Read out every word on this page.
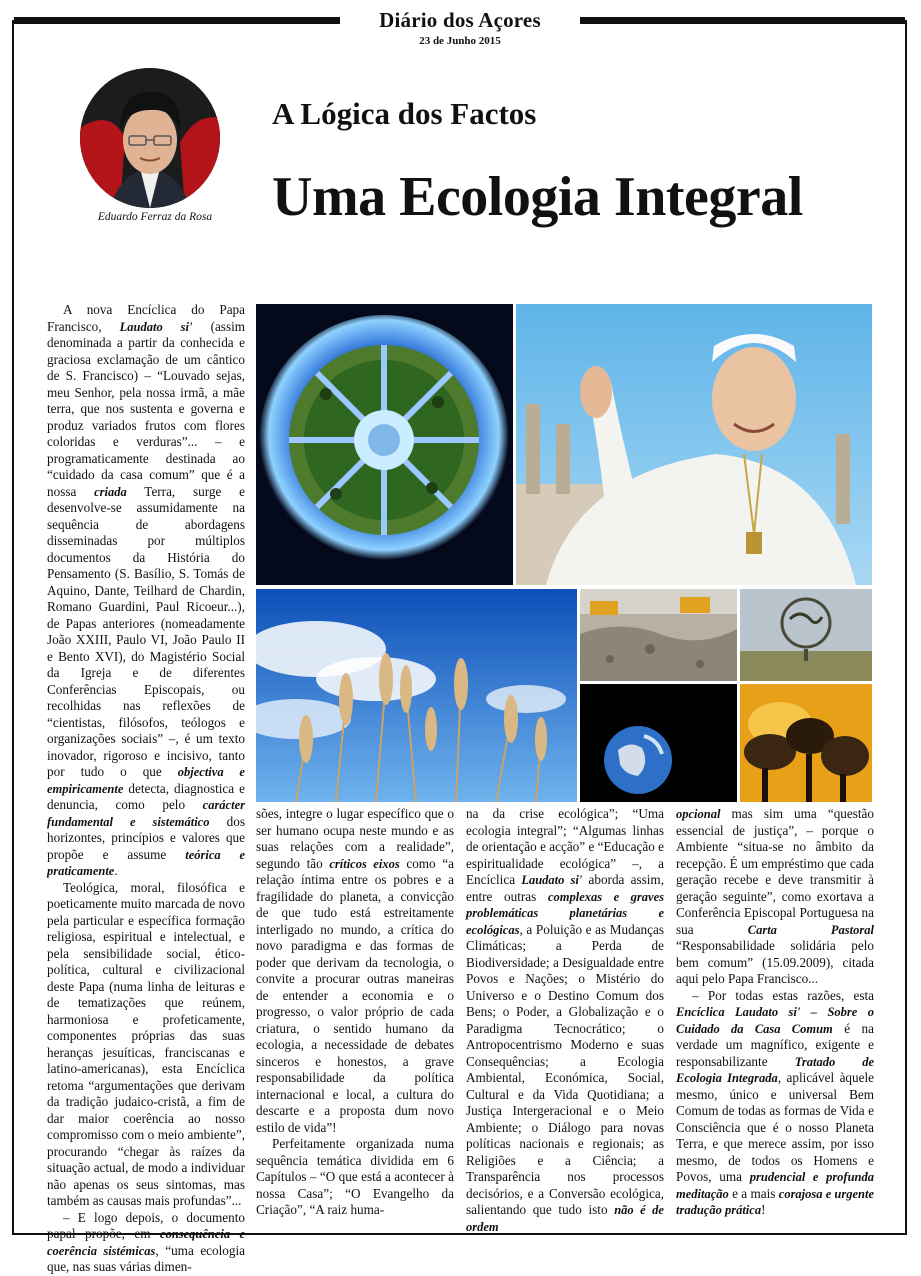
Diário dos Açores
23 de Junho 2015
Eduardo Ferraz da Rosa
A Lógica dos Factos
Uma Ecologia Integral

A nova Encíclica do Papa Francisco, Laudato si' (assim denominada a partir da conhecida e graciosa exclamação de um cântico de S. Francisco) – “Louvado sejas, meu Senhor, pela nossa irmã, a mãe terra, que nos sustenta e governa e produz variados frutos com flores coloridas e verduras”... – e programaticamente destinada ao “cuidado da casa comum” que é a nossa criada Terra, surge e desenvolve-se assumidamente na sequência de abordagens disseminadas por múltiplos documentos da História do Pensamento (S. Basílio, S. Tomás de Aquino, Dante, Teilhard de Chardin, Romano Guardini, Paul Ricoeur...), de Papas anteriores (nomeadamente João XXIII, Paulo VI, João Paulo II e Bento XVI), do Magistério Social da Igreja e de diferentes Conferências Episcopais, ou recolhidas nas reflexões de “cientistas, filósofos, teólogos e organizações sociais” –, é um texto inovador, rigoroso e incisivo, tanto por tudo o que objectiva e empiricamente detecta, diagnostica e denuncia, como pelo carácter fundamental e sistemático dos horizontes, princípios e valores que propõe e assume teórica e praticamente.

Teológica, moral, filosófica e poeticamente muito marcada de novo pela particular e específica formação religiosa, espiritual e intelectual, e pela sensibilidade social, ético-política, cultural e civilizacional deste Papa (numa linha de leituras e de tematizações que reúnem, harmoniosa e profeticamente, componentes próprias das suas heranças jesuíticas, franciscanas e latino-americanas), esta Encíclica retoma “argumentações que derivam da tradição judaico-cristã, a fim de dar maior coerência ao nosso compromisso com o meio ambiente”, procurando “chegar às raízes da situação actual, de modo a individuar não apenas os seus sintomas, mas também as causas mais profundas”...

– E logo depois, o documento papal propõe, em consequência e coerência sistémicas, “uma ecologia que, nas suas várias dimen-

sões, integre o lugar específico que o ser humano ocupa neste mundo e as suas relações com a realidade”, segundo tão críticos eixos como “a relação íntima entre os pobres e a fragilidade do planeta, a convicção de que tudo está estreitamente interligado no mundo, a crítica do novo paradigma e das formas de poder que derivam da tecnologia, o convite a procurar outras maneiras de entender a economia e o progresso, o valor próprio de cada criatura, o sentido humano da ecologia, a necessidade de debates sinceros e honestos, a grave responsabilidade da política internacional e local, a cultura do descarte e a proposta dum novo estilo de vida”!

Perfeitamente organizada numa sequência temática dividida em 6 Capítulos – “O que está a acontecer à nossa Casa”; “O Evangelho da Criação”, “A raiz huma-

na da crise ecológica”; “Uma ecologia integral”; “Algumas linhas de orientação e acção” e “Educação e espiritualidade ecológica” –, a Encíclica Laudato si' aborda assim, entre outras complexas e graves problemáticas planetárias e ecológicas, a Poluição e as Mudanças Climáticas; a Perda de Biodiversidade; a Desigualdade entre Povos e Nações; o Mistério do Universo e o Destino Comum dos Bens; o Poder, a Globalização e o Paradigma Tecnocrático; o Antropocentrismo Moderno e suas Consequências; a Ecologia Ambiental, Económica, Social, Cultural e da Vida Quotidiana; a Justiça Intergeracional e o Meio Ambiente; o Diálogo para novas políticas nacionais e regionais; as Religiões e a Ciência; a Transparência nos processos decisórios, e a Conversão ecológica, salientando que tudo isto não é de ordem

opcional mas sim uma “questão essencial de justiça”, – porque o Ambiente “situa-se no âmbito da recepção. É um empréstimo que cada geração recebe e deve transmitir à geração seguinte”, como exortava a Conferência Episcopal Portuguesa na sua Carta Pastoral “Responsabilidade solidária pelo bem comum” (15.09.2009), citada aqui pelo Papa Francisco...

– Por todas estas razões, esta Encíclica Laudato si' – Sobre o Cuidado da Casa Comum é na verdade um magnífico, exigente e responsabilizante Tratado de Ecologia Integrada, aplicável àquele mesmo, único e universal Bem Comum de todas as formas de Vida e Consciência que é o nosso Planeta Terra, e que merece assim, por isso mesmo, de todos os Homens e Povos, uma prudencial e profunda meditação e a mais corajosa e urgente tradução prática!
